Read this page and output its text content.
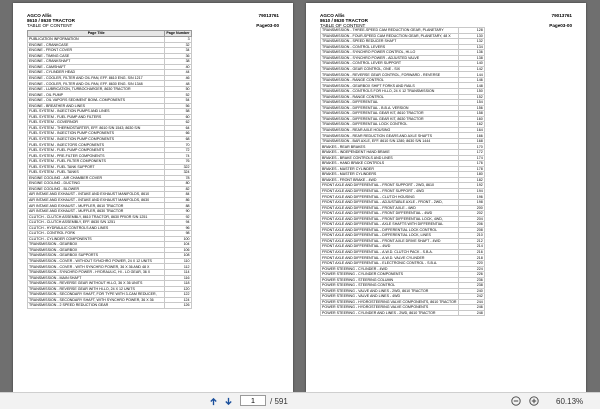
AGCO Allis
8610 / 8630 TRACTOR
TABLE OF CONTENT
79013761

Page03-00
Page Title	Page Number
PUBLICATION INFORMATION	3
ENGINE - CRANKCASE	32
ENGINE - FRONT COVER	34
ENGINE - TIMING CASE	36
ENGINE - CRANKSHAFT	38
ENGINE - CAMSHAFT	40
ENGINE - CYLINDER HEAD	44
ENGINE - COOLER, FILTER AND OIL PAN, EFF. 8610 ENG. S/N 1217	46
ENGINE - COOLER, FILTER AND OIL PAN, EFF. 8630 ENG. S/N 1348	48
ENGINE - LUBRICATION, TURBOCHARGER, 8630 TRACTOR	50
ENGINE - OIL PUMP	52
ENGINE - OIL VAPORS SEDIMENT BOWL COMPONENTS	54
ENGINE - BREATHER AND LINES	56
FUEL SYSTEM - INJECTION PUMPS AND LINES	58
FUEL SYSTEM - FUEL PUMP AND FILTERS	60
FUEL SYSTEM - GOVERNOR	62
FUEL SYSTEM - THERMOSTARTER, EFF. 8610 S/N 1543; 8630 S/N	64
FUEL SYSTEM - INJECTION PUMP COMPONENTS	66
FUEL SYSTEM - INJECTION PUMP COMPONENTS	68
FUEL SYSTEM - INJECTORS COMPONENTS	70
FUEL SYSTEM - FUEL PUMP COMPONENTS	72
FUEL SYSTEM - PRE-FILTER COMPONENTS	74
FUEL SYSTEM - FUEL FILTER COMPONENTS	76
FUEL SYSTEM - FUEL TANK SUPPORT	322
FUEL SYSTEM - FUEL TANKS	324
ENGINE COOLING - AIR CHAMBER COVER	78
ENGINE COOLING - DUCTING	80
ENGINE COOLING - BLOWER	82
AIR INTAKE AND EXHAUST - INTAKE AND EXHAUST MANIFOLDS, 8610	84
AIR INTAKE AND EXHAUST - INTAKE AND EXHAUST MANIFOLDS, 8630	86
AIR INTAKE AND EXHAUST - MUFFLER, 8610 TRACTOR	88
AIR INTAKE AND EXHAUST - MUFFLER, 8630 TRACTOR	90
CLUTCH - CLUTCH ASSEMBLY, 8610 TRACTOR, 8630 PRIOR S/N 1251	92
CLUTCH - CLUTCH ASSEMBLY, EFF. 8630 S/N 1251	94
CLUTCH - HYDRAULIC CONTROLS AND LINES	96
CLUTCH - CONTROL FORK	98
CLUTCH - CYLINDER COMPONENTS	100
TRANSMISSION - GEARBOX	104
TRANSMISSION - GEARBOX	106
TRANSMISSION - GEARBOX SUPPORTS	108
TRANSMISSION - COVER - WITHOUT SYNCHRO POWER, 24 X 12 UNITS	110
TRANSMISSION - COVER - WITH SYNCHRO POWER, 36 X 36 AND 48 X	112
TRANSMISSION - SYNCHRO POWER - HYDRAULIC, HI - LO GEAR, 36 X	114
TRANSMISSION - MAIN SHAFT	116
TRANSMISSION - REVERSE GEAR WITHOUT HI-LO, 36 X 36 UNITS	118
TRANSMISSION - REVERSE GEAR WITH HI-LO, 24 X 12 UNITS	120
TRANSMISSION - SECONDARY SHAFT, FOR TYPE WITH 3-CAM REDUCER,	122
TRANSMISSION - SECONDARY SHAFT, WITH SYNCHRO POWER, 36 X 36	124
TRANSMISSION - 2 SPEED REDUCTION GEAR	126
AGCO Allis
8610 / 8630 TRACTOR
TABLE OF CONTENT
79013761

Page03-00
TRANSMISSION - THREE-SPEED CAM REDUCTION GEAR, PLANETARY	128
TRANSMISSION - FOUR-SPEED CAM REDUCTION GEAR, PLANETARY, 48 X	130
TRANSMISSION - SPEED REDUCER SHAFT	132
TRANSMISSION - CONTROL LEVERS	134
TRANSMISSION - SYNCHRO POWER CONTROL, HI-LO	136
TRANSMISSION - SYNCHRO POWER - ADJUSTED VALVE	138
TRANSMISSION - CONTROL LEVER SUPPORT	140
TRANSMISSION - GEAR CONTROL, ONE - SIX	142
TRANSMISSION - REVERSE GEAR CONTROL, FORWARD - REVERSE	144
TRANSMISSION - RANGE CONTROL	146
TRANSMISSION - GEARBOX SHIFT FORKS AND RAILS	148
TRANSMISSION - CONTROLS FOR HI-LO, 24 X 12 TRANSMISSION	150
TRANSMISSION - RANGE CONTROL	152
TRANSMISSION - DIFFERENTIAL	154
TRANSMISSION - DIFFERENTIAL - B.B.A. VERSION	156
TRANSMISSION - DIFFERENTIAL GEAR KIT, 8610 TRACTOR	158
TRANSMISSION - DIFFERENTIAL GEAR KIT, 8630 TRACTOR	160
TRANSMISSION - DIFFERENTIAL LOCK CONTROL	162
TRANSMISSION - REAR AXLE HOUSING	164
TRANSMISSION - REAR REDUCTION GEARS AND AXLE SHAFTS	166
TRANSMISSION - BAR AXLE, EFF. 8610 S/N 1280; 8630 S/N 1444	168
BRAKES - REAR BRAKES	170
BRAKES - INDEPENDENT HAND BRAKE	172
BRAKES - BRAKE CONTROLS AND LINES	174
BRAKES - HAND BRAKE CONTROLS	176
BRAKES - MASTER CYLINDER	178
BRAKES - MASTER CYLINDERS	180
BRAKES - FRONT BRAKE - 4WD	182
FRONT AXLE AND DIFFERENTIAL - FRONT SUPPORT - 2WD, 8610	192
FRONT AXLE AND DIFFERENTIAL - FRONT SUPPORT - 4WD	194
FRONT AXLE AND DIFFERENTIAL - CLUTCH HOUSING	196
FRONT AXLE AND DIFFERENTIAL - ADJUSTABLE AXLE - FRONT - 2WD,	198
FRONT AXLE AND DIFFERENTIAL - FRONT AXLE - 4WD	200
FRONT AXLE AND DIFFERENTIAL - FRONT DIFFERENTIAL - 4WD	202
FRONT AXLE AND DIFFERENTIAL - FRONT DIFFERENTIAL LOCK, 4WD,	204
FRONT AXLE AND DIFFERENTIAL - AXLE SHAFTS WITH DIFFERENTIAL	206
FRONT AXLE AND DIFFERENTIAL - DIFFERENTIAL LOCK CONTROL	208
FRONT AXLE AND DIFFERENTIAL - DIFFERENTIAL LOCK, LINES	210
FRONT AXLE AND DIFFERENTIAL - FRONT AXLE DRIVE SHAFT - 4WD	212
FRONT AXLE AND DIFFERENTIAL - 4WD	214
FRONT AXLE AND DIFFERENTIAL - A.W.D. CLUTCH PACK - S.B.A.	216
FRONT AXLE AND DIFFERENTIAL - A.W.D. VALVE CYLINDER	218
FRONT AXLE AND DIFFERENTIAL - ELECTRONIC CONTROL - S.B.A.	220
POWER STEERING - CYLINDER - 4WD	224
POWER STEERING - CYLINDER COMPONENTS	226
POWER STEERING - STEERING COLUMN	236
POWER STEERING - STEERING CONTROL	238
POWER STEERING - VALVE AND LINES - 2WD, 8610 TRACTOR	240
POWER STEERING - VALVE AND LINES - 4WD	242
POWER STEERING - HYDROSTEERING VALVE COMPONENTS, 8610 TRACTOR	244
POWER STEERING - HYDROSTEERING VALVE COMPONENTS	246
POWER STEERING - CYLINDER AND LINES - 2WD, 8610 TRACTOR	248
1
/ 591	60.13%
